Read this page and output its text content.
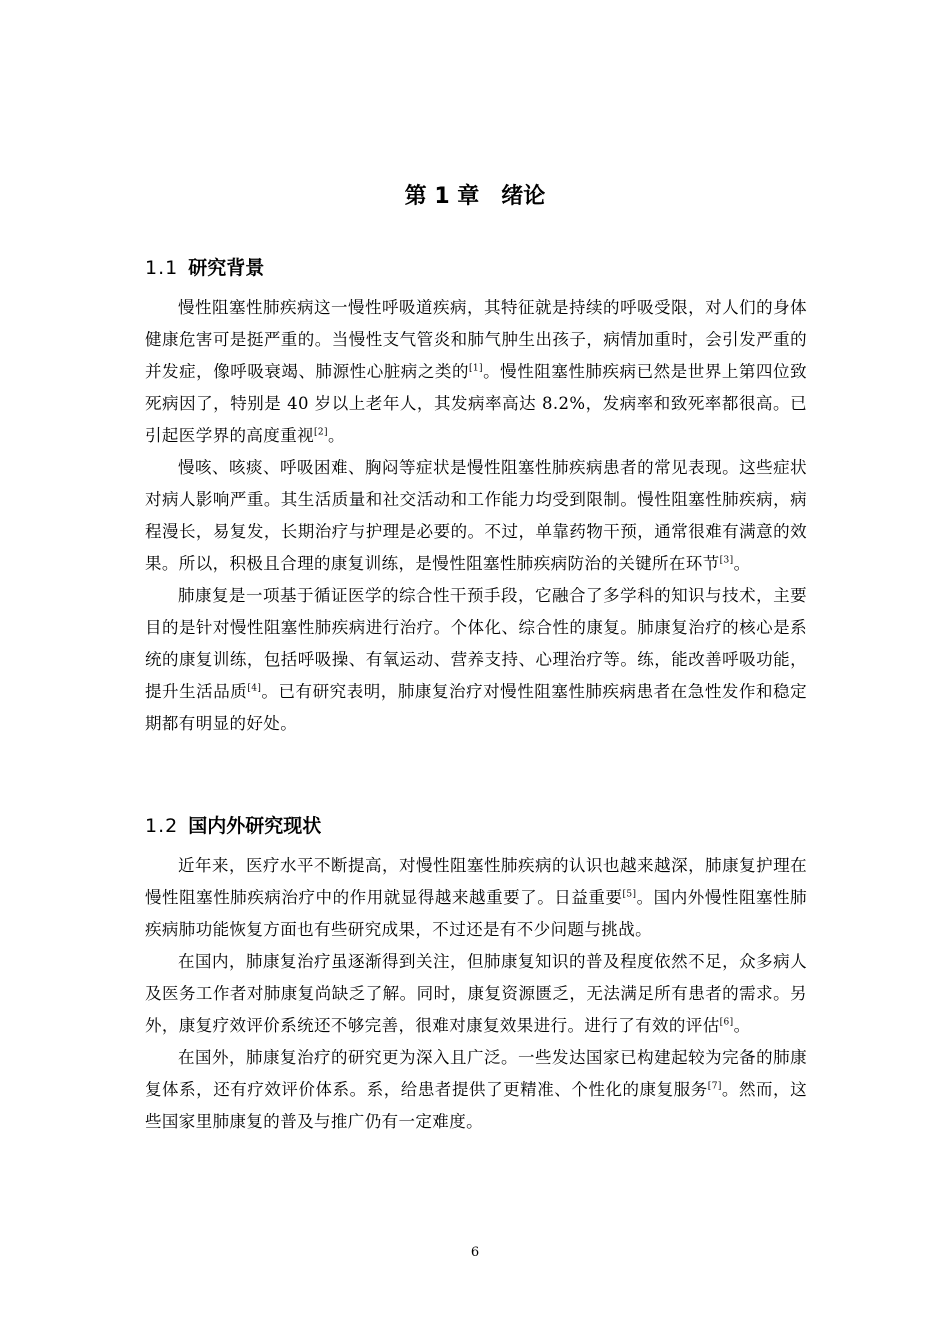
第 1 章　绪论
1.1 研究背景

慢性阻塞性肺疾病这一慢性呼吸道疾病，其特征就是持续的呼吸受限，对人们的身体健康危害可是挺严重的。当慢性支气管炎和肺气肿生出孩子，病情加重时，会引发严重的并发症，像呼吸衰竭、肺源性心脏病之类的[1]。慢性阻塞性肺疾病已然是世界上第四位致死病因了，特别是 40 岁以上老年人，其发病率高达 8.2%，发病率和致死率都很高。已引起医学界的高度重视[2]。

慢咳、咳痰、呼吸困难、胸闷等症状是慢性阻塞性肺疾病患者的常见表现。这些症状对病人影响严重。其生活质量和社交活动和工作能力均受到限制。慢性阻塞性肺疾病，病程漫长，易复发，长期治疗与护理是必要的。不过，单靠药物干预，通常很难有满意的效果。所以，积极且合理的康复训练，是慢性阻塞性肺疾病防治的关键所在环节[3]。

肺康复是一项基于循证医学的综合性干预手段，它融合了多学科的知识与技术，主要目的是针对慢性阻塞性肺疾病进行治疗。个体化、综合性的康复。肺康复治疗的核心是系统的康复训练，包括呼吸操、有氧运动、营养支持、心理治疗等。练，能改善呼吸功能，提升生活品质[4]。已有研究表明，肺康复治疗对慢性阻塞性肺疾病患者在急性发作和稳定期都有明显的好处。

1.2 国内外研究现状

近年来，医疗水平不断提高，对慢性阻塞性肺疾病的认识也越来越深，肺康复护理在慢性阻塞性肺疾病治疗中的作用就显得越来越重要了。日益重要[5]。国内外慢性阻塞性肺疾病肺功能恢复方面也有些研究成果，不过还是有不少问题与挑战。

在国内，肺康复治疗虽逐渐得到关注，但肺康复知识的普及程度依然不足，众多病人及医务工作者对肺康复尚缺乏了解。同时，康复资源匮乏，无法满足所有患者的需求。另外，康复疗效评价系统还不够完善，很难对康复效果进行。进行了有效的评估[6]。

在国外，肺康复治疗的研究更为深入且广泛。一些发达国家已构建起较为完备的肺康复体系，还有疗效评价体系。系，给患者提供了更精准、个性化的康复服务[7]。然而，这些国家里肺康复的普及与推广仍有一定难度。

6
